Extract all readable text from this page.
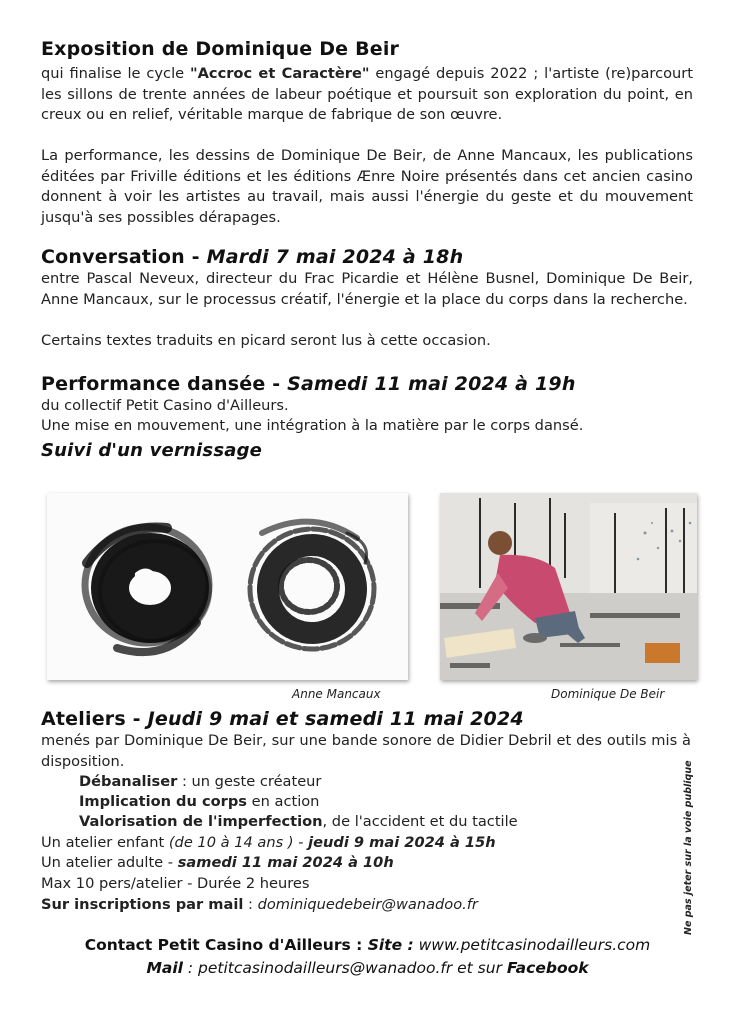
Exposition de Dominique De Beir
qui finalise le cycle "Accroc et Caractère" engagé depuis 2022 ; l'artiste (re)parcourt les sillons de trente années de labeur poétique et poursuit son exploration du point, en creux ou en relief, véritable marque de fabrique de son œuvre.
La performance, les dessins de Dominique De Beir, de Anne Mancaux, les publications éditées par Friville éditions et les éditions Ænre Noire présentés dans cet ancien casino donnent à voir les artistes au travail, mais aussi l'énergie du geste et du mouvement jusqu'à ses possibles dérapages.
Conversation - Mardi 7 mai 2024 à 18h
entre Pascal Neveux, directeur du Frac Picardie et Hélène Busnel, Dominique De Beir, Anne Mancaux, sur le processus créatif, l'énergie et la place du corps dans la recherche.
Certains textes traduits en picard seront lus à cette occasion.
Performance dansée - Samedi 11 mai 2024 à 19h
du collectif Petit Casino d'Ailleurs.
Une mise en mouvement, une intégration à la matière par le corps dansé.
Suivi d'un vernissage
Anne Mancaux	Dominique De Beir
Ateliers - Jeudi 9 mai et samedi 11 mai 2024
menés par Dominique De Beir, sur une bande sonore de Didier Debril et des outils mis à disposition.
Débanaliser : un geste créateur
Implication du corps en action
Valorisation de l'imperfection, de l'accident et du tactile
Un atelier enfant (de 10 à 14 ans ) - jeudi 9 mai 2024 à 15h
Un atelier adulte - samedi 11 mai 2024 à 10h
Max 10 pers/atelier - Durée 2 heures
Sur inscriptions par mail : dominiquedebeir@wanadoo.fr	Ne pas jeter sur la voie publique
Contact Petit Casino d'Ailleurs : Site : www.petitcasinodailleurs.com
Mail : petitcasinodailleurs@wanadoo.fr et sur Facebook
